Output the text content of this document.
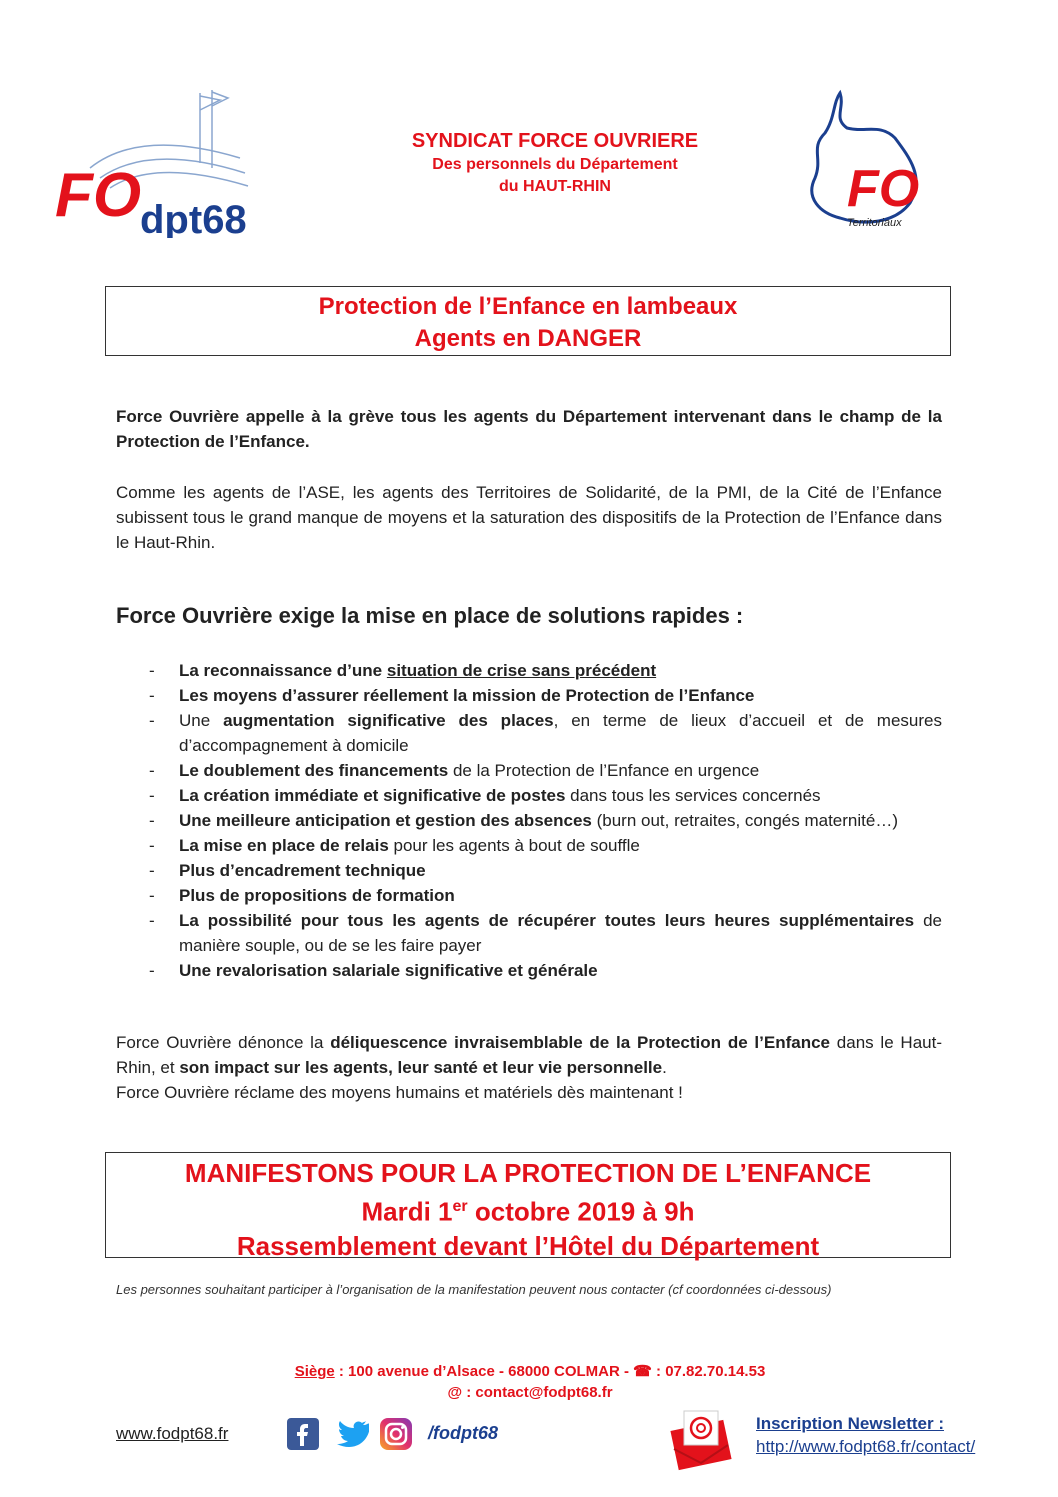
FO
dpt68
SYNDICAT FORCE OUVRIERE
Des personnels du Département
du HAUT-RHIN	FO
Territoriaux
Protection de l’Enfance en lambeaux
Agents en DANGER
Force Ouvrière appelle à la grève tous les agents du Département intervenant dans le champ de la Protection de l’Enfance.
Comme les agents de l’ASE, les agents des Territoires de Solidarité, de la PMI, de la Cité de l’Enfance subissent tous le grand manque de moyens et la saturation des dispositifs de la Protection de l’Enfance dans le Haut-Rhin.
Force Ouvrière exige la mise en place de solutions rapides :
- La reconnaissance d’une situation de crise sans précédent
- Les moyens d’assurer réellement la mission de Protection de l’Enfance
- Une augmentation significative des places, en terme de lieux d’accueil et de mesures d’accompagnement à domicile
- Le doublement des financements de la Protection de l’Enfance en urgence
- La création immédiate et significative de postes dans tous les services concernés
- Une meilleure anticipation et gestion des absences (burn out, retraites, congés maternité…)
- La mise en place de relais pour les agents à bout de souffle
- Plus d’encadrement technique
- Plus de propositions de formation
- La possibilité pour tous les agents de récupérer toutes leurs heures supplémentaires de manière souple, ou de se les faire payer
- Une revalorisation salariale significative et générale
Force Ouvrière dénonce la déliquescence invraisemblable de la Protection de l’Enfance dans le Haut-Rhin, et son impact sur les agents, leur santé et leur vie personnelle.
Force Ouvrière réclame des moyens humains et matériels dès maintenant !
MANIFESTONS POUR LA PROTECTION DE L’ENFANCE
Mardi 1er octobre 2019 à 9h
Rassemblement devant l’Hôtel du Département
Les personnes souhaitant participer à l’organisation de la manifestation peuvent nous contacter (cf coordonnées ci-dessous)
Siège : 100 avenue d’Alsace - 68000 COLMAR - ☎ : 07.82.70.14.53
@ : contact@fodpt68.fr
www.fodpt68.fr	/fodpt68	Inscription Newsletter :
http://www.fodpt68.fr/contact/
